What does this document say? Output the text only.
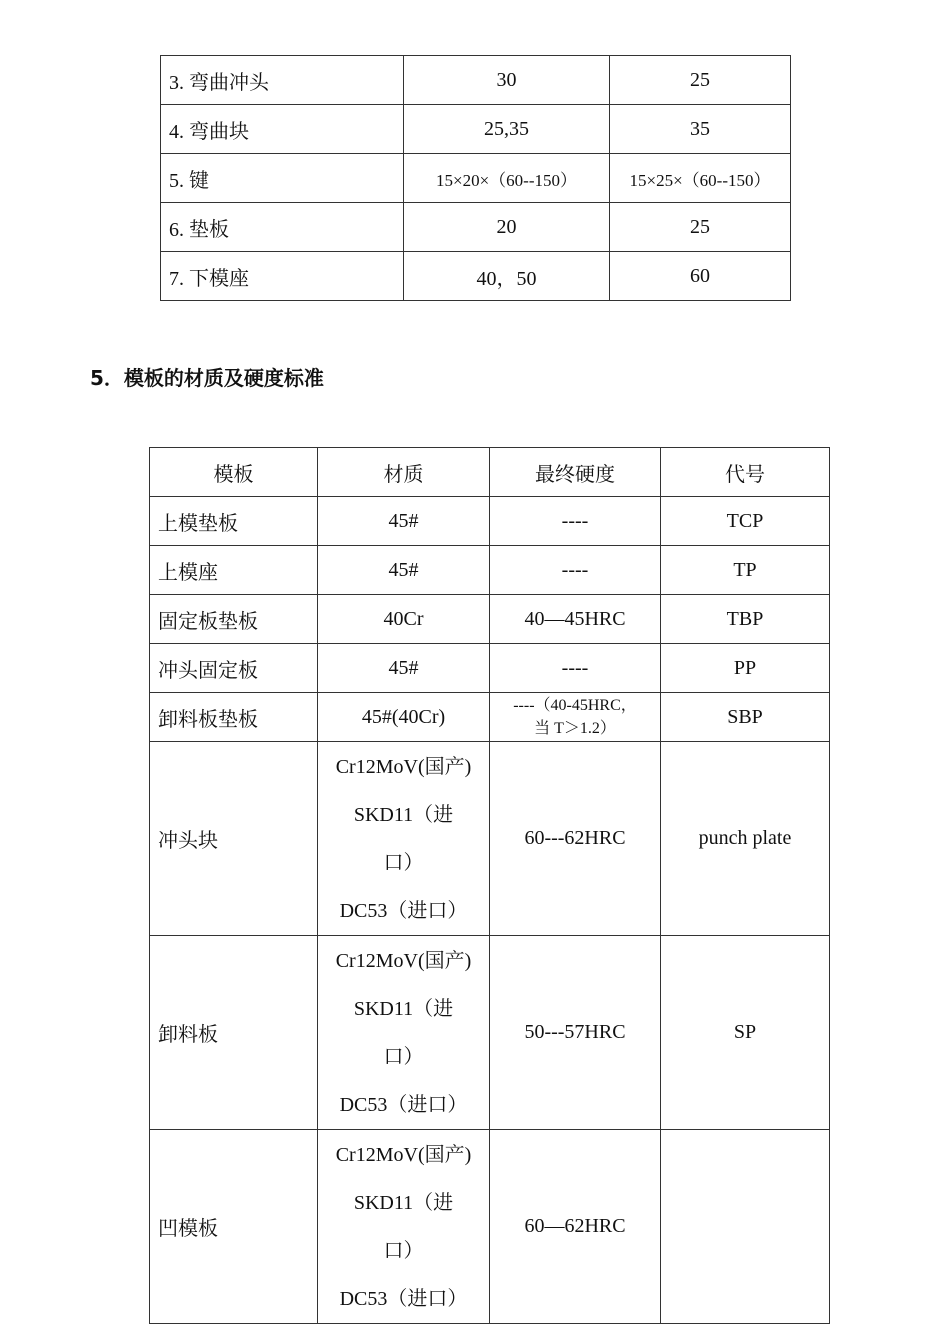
3. 弯曲冲头	30	25
4. 弯曲块	25,35	35
5. 键	15×20×（60--150）	15×25×（60--150）
6. 垫板	20	25
7. 下模座	40，50	60
5．模板的材质及硬度标准
模板	材质	最终硬度	代号
上模垫板	45#	----	TCP
上模座	45#	----	TP
固定板垫板	40Cr	40—45HRC	TBP
冲头固定板	45#	----	PP
卸料板垫板	45#(40Cr)	----（40-45HRC，
当 T＞1.2）	SBP
冲头块	Cr12MoV(国产)
SKD11（进
口）
DC53（进口）	60---62HRC	punch plate
卸料板	Cr12MoV(国产)
SKD11（进
口）
DC53（进口）	50---57HRC	SP
凹模板	Cr12MoV(国产)
SKD11（进
口）
DC53（进口）	60—62HRC	
